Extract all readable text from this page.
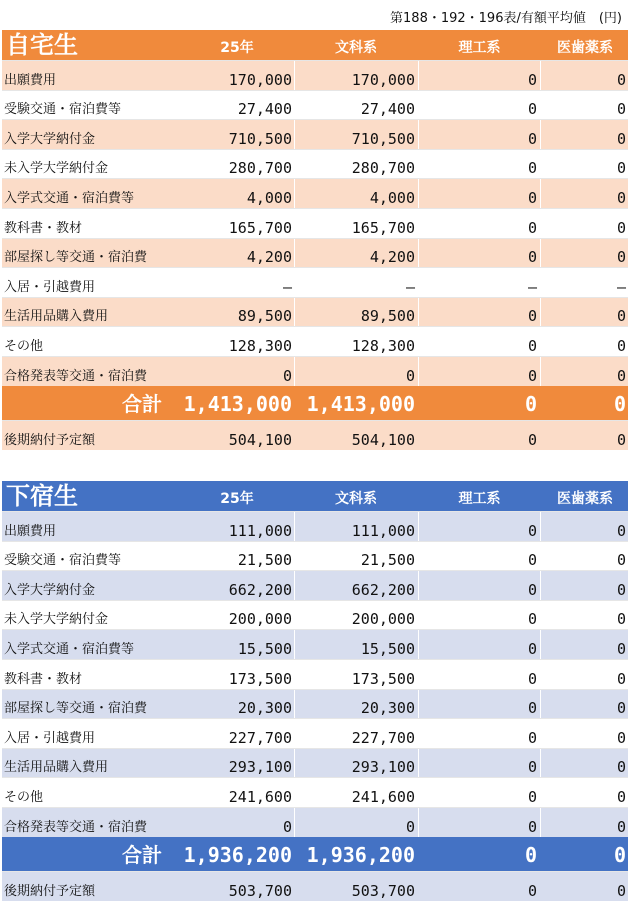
第188・192・196表/有額平均値　(円)
自宅生	25年	文科系	理工系	医歯薬系
出願費用	170,000	170,000	0	0
受験交通・宿泊費等	27,400	27,400	0	0
入学大学納付金	710,500	710,500	0	0
未入学大学納付金	280,700	280,700	0	0
入学式交通・宿泊費等	4,000	4,000	0	0
教科書・教材	165,700	165,700	0	0
部屋探し等交通・宿泊費	4,200	4,200	0	0
入居・引越費用	—	—	—	—
生活用品購入費用	89,500	89,500	0	0
その他	128,300	128,300	0	0
合格発表等交通・宿泊費	0	0	0	0
合計 1,413,000 1,413,000	0	0
後期納付予定額	504,100	504,100	0	0
下宿生	25年	文科系	理工系	医歯薬系
出願費用	111,000	111,000	0	0
受験交通・宿泊費等	21,500	21,500	0	0
入学大学納付金	662,200	662,200	0	0
未入学大学納付金	200,000	200,000	0	0
入学式交通・宿泊費等	15,500	15,500	0	0
教科書・教材	173,500	173,500	0	0
部屋探し等交通・宿泊費	20,300	20,300	0	0
入居・引越費用	227,700	227,700	0	0
生活用品購入費用	293,100	293,100	0	0
その他	241,600	241,600	0	0
合格発表等交通・宿泊費	0	0	0	0
合計 1,936,200 1,936,200	0	0
後期納付予定額	503,700	503,700	0	0
